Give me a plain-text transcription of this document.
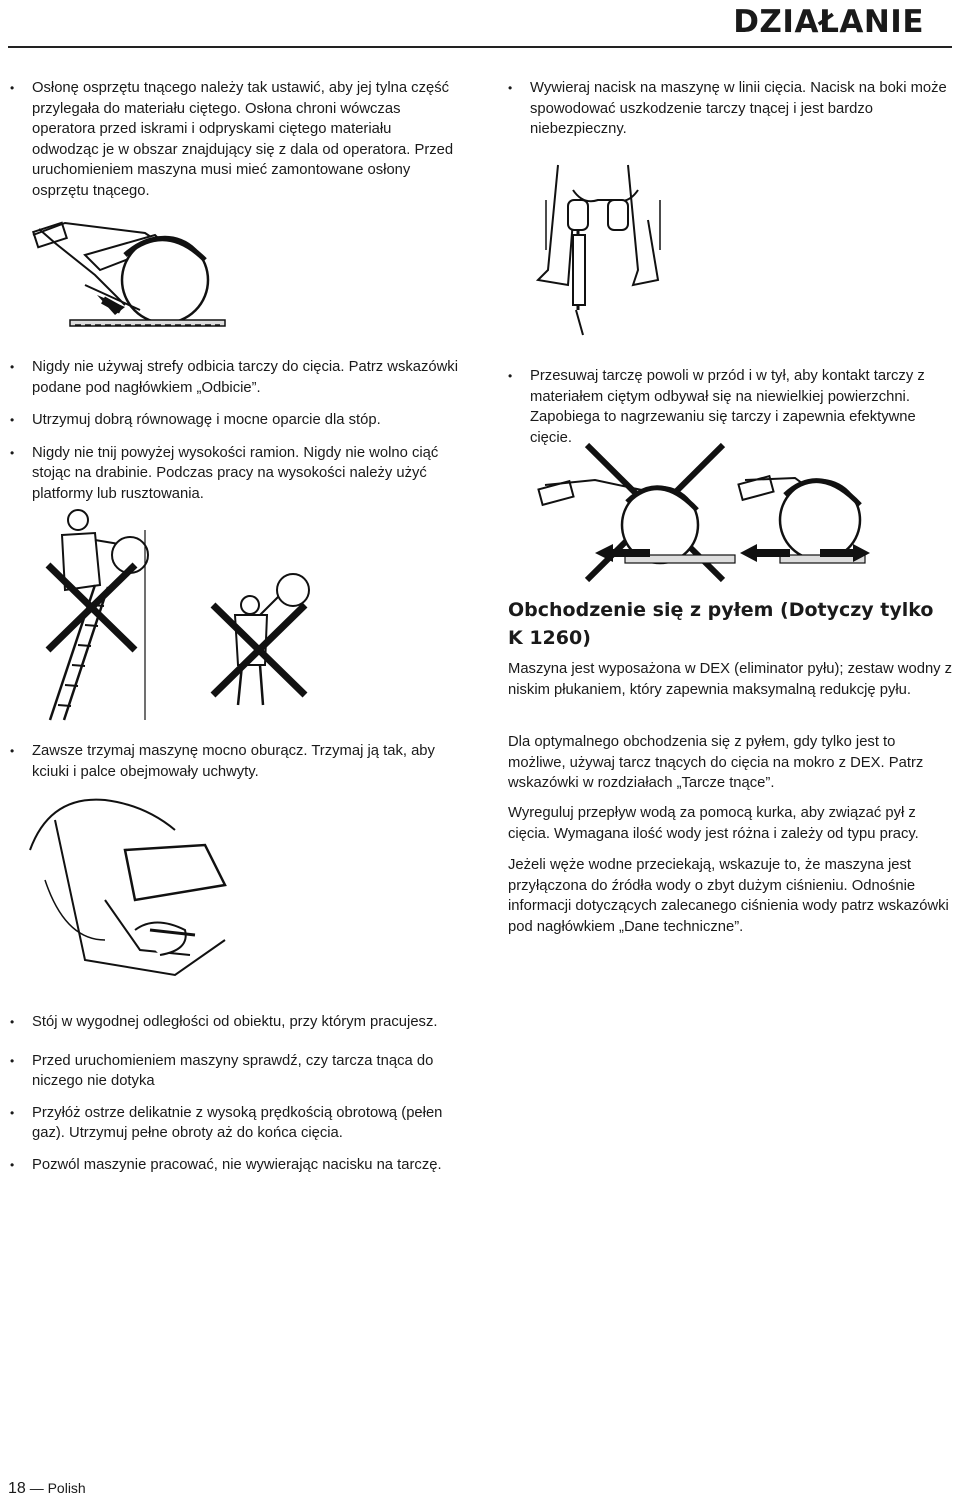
DZIAŁANIE
• Osłonę osprzętu tnącego należy tak ustawić, aby jej tylna część przylegała do materiału ciętego. Osłona chroni wówczas operatora przed iskrami i odpryskami ciętego materiału odwodząc je w obszar znajdujący się z dala od operatora. Przed uruchomieniem maszyna musi mieć zamontowane osłony osprzętu tnącego.
• Wywieraj nacisk na maszynę w linii cięcia. Nacisk na boki może spowodować uszkodzenie tarczy tnącej i jest bardzo niebezpieczny.
• Nigdy nie używaj strefy odbicia tarczy do cięcia. Patrz wskazówki podane pod nagłówkiem „Odbicie”.
• Utrzymuj dobrą równowagę i mocne oparcie dla stóp.
• Nigdy nie tnij powyżej wysokości ramion. Nigdy nie wolno ciąć stojąc na drabinie. Podczas pracy na wysokości należy użyć platformy lub rusztowania.
• Przesuwaj tarczę powoli w przód i w tył, aby kontakt tarczy z materiałem ciętym odbywał się na niewielkiej powierzchni. Zapobiega to nagrzewaniu się tarczy i zapewnia efektywne cięcie.
Obchodzenie się z pyłem (Dotyczy tylko K 1260)

Maszyna jest wyposażona w DEX (eliminator pyłu); zestaw wodny z niskim płukaniem, który zapewnia maksymalną redukcję pyłu.

Dla optymalnego obchodzenia się z pyłem, gdy tylko jest to możliwe, używaj tarcz tnących do cięcia na mokro z DEX. Patrz wskazówki w rozdziałach „Tarcze tnące”.

Wyreguluj przepływ wodą za pomocą kurka, aby związać pył z cięcia. Wymagana ilość wody jest różna i zależy od typu pracy.

Jeżeli węże wodne przeciekają, wskazuje to, że maszyna jest przyłączona do źródła wody o zbyt dużym ciśnieniu. Odnośnie informacji dotyczących zalecanego ciśnienia wody patrz wskazówki pod nagłówkiem „Dane techniczne”.

• Zawsze trzymaj maszynę mocno oburącz. Trzymaj ją tak, aby kciuki i palce obejmowały uchwyty.
• Stój w wygodnej odległości od obiektu, przy którym pracujesz.
• Przed uruchomieniem maszyny sprawdź, czy tarcza tnąca do niczego nie dotyka
• Przyłóż ostrze delikatnie z wysoką prędkością obrotową (pełen gaz). Utrzymuj pełne obroty aż do końca cięcia.
• Pozwól maszynie pracować, nie wywierając nacisku na tarczę.
18 — Polish
